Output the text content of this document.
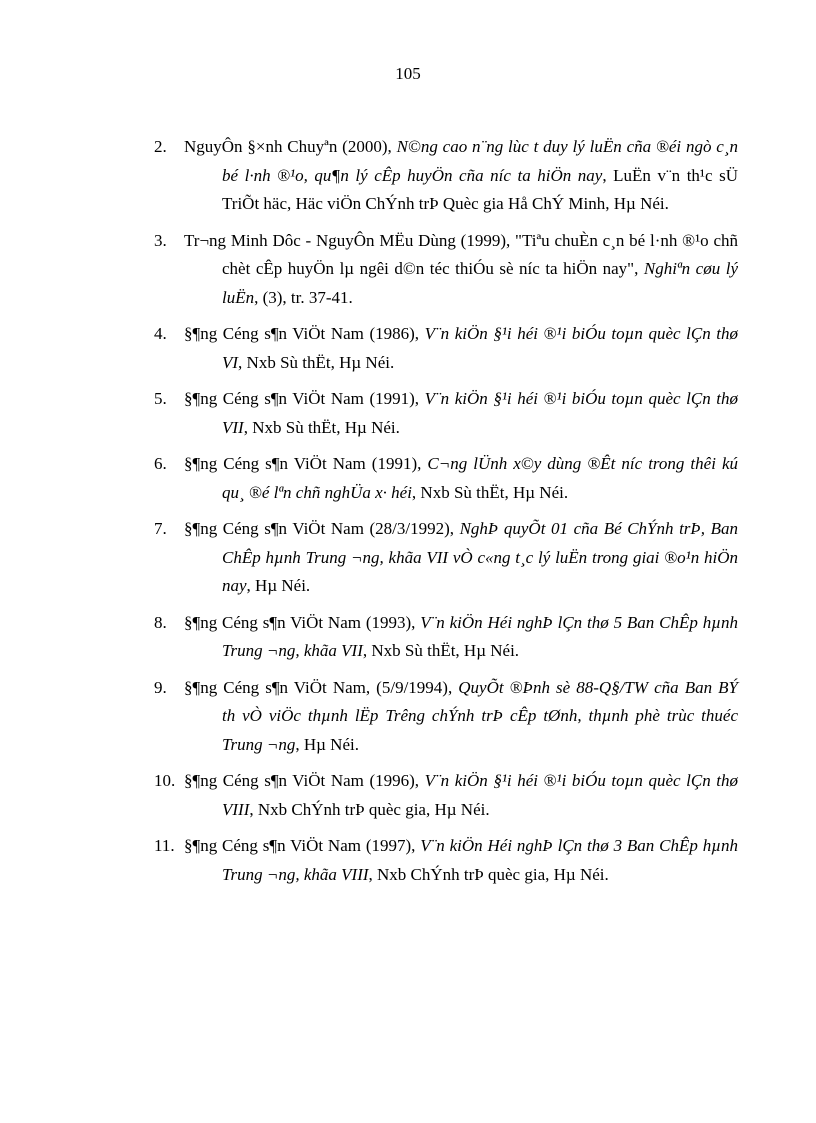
105
2. NguyÔn §×nh Chuyªn (2000), N©ng cao n¨ng lùc t duy lý luËn cña ®éi ngò c¸n bé l·nh ®¹o, qu¶n lý cÊp huyÖn cña níc ta hiÖn nay, LuËn v¨n th¹c sÜ TriÕt häc, Häc viÖn ChÝnh trÞ Quèc gia Hå ChÝ Minh, Hµ Néi.
3. Tr¬ng Minh Dôc - NguyÔn MËu Dùng (1999), "Tiªu chuÈn c¸n bé l·nh ®¹o chñ chèt cÊp huyÖn lµ ngêi d©n téc thiÓu sè níc ta hiÖn nay", Nghiªn cøu lý luËn, (3), tr. 37-41.
4. §¶ng Céng s¶n ViÖt Nam (1986), V¨n kiÖn §¹i héi ®¹i biÓu toµn quèc lÇn thø VI, Nxb Sù thËt, Hµ Néi.
5. §¶ng Céng s¶n ViÖt Nam (1991), V¨n kiÖn §¹i héi ®¹i biÓu toµn quèc lÇn thø VII, Nxb Sù thËt, Hµ Néi.
6. §¶ng Céng s¶n ViÖt Nam (1991), C¬ng lÜnh x©y dùng ®Êt níc trong thêi kú qu¸ ®é lªn chñ nghÜa x· héi, Nxb Sù thËt, Hµ Néi.
7. §¶ng Céng s¶n ViÖt Nam (28/3/1992), NghÞ quyÕt 01 cña Bé ChÝnh trÞ, Ban ChÊp hµnh Trung ¬ng, khãa VII vÒ c«ng t¸c lý luËn trong giai ®o¹n hiÖn nay, Hµ Néi.
8. §¶ng Céng s¶n ViÖt Nam (1993), V¨n kiÖn Héi nghÞ lÇn thø 5 Ban ChÊp hµnh Trung ¬ng, khãa VII, Nxb Sù thËt, Hµ Néi.
9. §¶ng Céng s¶n ViÖt Nam, (5/9/1994), QuyÕt ®Þnh sè 88-Q§/TW cña Ban BÝ th vÒ viÖc thµnh lËp Trêng chÝnh trÞ cÊp tØnh, thµnh phè trùc thuéc Trung ¬ng, Hµ Néi.
10. §¶ng Céng s¶n ViÖt Nam (1996), V¨n kiÖn §¹i héi ®¹i biÓu toµn quèc lÇn thø VIII, Nxb ChÝnh trÞ quèc gia, Hµ Néi.
11. §¶ng Céng s¶n ViÖt Nam (1997), V¨n kiÖn Héi nghÞ lÇn thø 3 Ban ChÊp hµnh Trung ¬ng, khãa VIII, Nxb ChÝnh trÞ quèc gia, Hµ Néi.
